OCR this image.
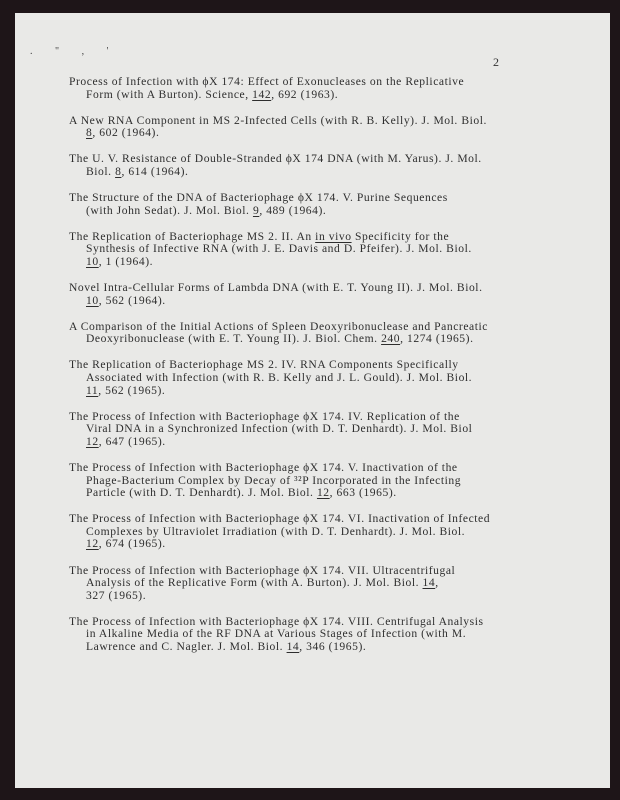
. " , '
2
Process of Infection with ϕX 174: Effect of Exonucleases on the Replicative
Form (with A Burton). Science, 142, 692 (1963).
A New RNA Component in MS 2-Infected Cells (with R. B. Kelly). J. Mol. Biol.
8, 602 (1964).
The U. V. Resistance of Double-Stranded ϕX 174 DNA (with M. Yarus). J. Mol.
Biol. 8, 614 (1964).
The Structure of the DNA of Bacteriophage ϕX 174. V. Purine Sequences
(with John Sedat). J. Mol. Biol. 9, 489 (1964).
The Replication of Bacteriophage MS 2. II. An in vivo Specificity for the
Synthesis of Infective RNA (with J. E. Davis and D. Pfeifer). J. Mol. Biol.
10, 1 (1964).
Novel Intra-Cellular Forms of Lambda DNA (with E. T. Young II). J. Mol. Biol.
10, 562 (1964).
A Comparison of the Initial Actions of Spleen Deoxyribonuclease and Pancreatic
Deoxyribonuclease (with E. T. Young II). J. Biol. Chem. 240, 1274 (1965).
The Replication of Bacteriophage MS 2. IV. RNA Components Specifically
Associated with Infection (with R. B. Kelly and J. L. Gould). J. Mol. Biol.
11, 562 (1965).
The Process of Infection with Bacteriophage ϕX 174. IV. Replication of the
Viral DNA in a Synchronized Infection (with D. T. Denhardt). J. Mol. Biol
12, 647 (1965).
The Process of Infection with Bacteriophage ϕX 174. V. Inactivation of the
Phage-Bacterium Complex by Decay of ³²P Incorporated in the Infecting
Particle (with D. T. Denhardt). J. Mol. Biol. 12, 663 (1965).
The Process of Infection with Bacteriophage ϕX 174. VI. Inactivation of Infected
Complexes by Ultraviolet Irradiation (with D. T. Denhardt). J. Mol. Biol.
12, 674 (1965).
The Process of Infection with Bacteriophage ϕX 174. VII. Ultracentrifugal
Analysis of the Replicative Form (with A. Burton). J. Mol. Biol. 14,
327 (1965).
The Process of Infection with Bacteriophage ϕX 174. VIII. Centrifugal Analysis
in Alkaline Media of the RF DNA at Various Stages of Infection (with M.
Lawrence and C. Nagler. J. Mol. Biol. 14, 346 (1965).
